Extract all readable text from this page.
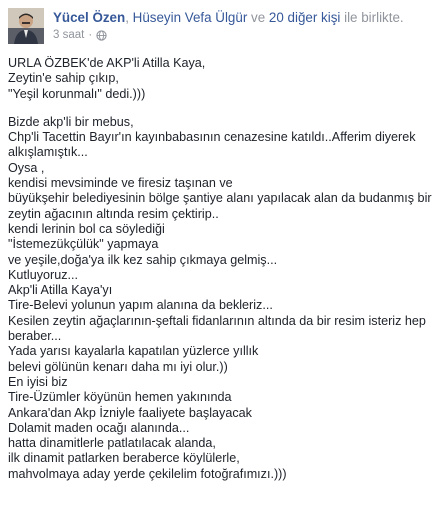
Yücel Özen, Hüseyin Vefa Ülgür ve 20 diğer kişi ile birlikte.
3 saat ·
URLA ÖZBEK'de AKP'li Atilla Kaya,
Zeytin'e sahip çıkıp,
"Yeşil korunmalı" dedi.)))
Bizde akp'li bir mebus,
Chp'li Tacettin Bayır'ın kayınbabasının cenazesine katıldı..Afferim diyerek
alkışlamıştık...
Oysa ,
kendisi mevsiminde ve firesiz taşınan ve
büyükşehir belediyesinin bölge şantiye alanı yapılacak alan da budanmış bir
zeytin ağacının altında resim çektirip..
kendi lerinin bol ca söylediği
"İstemezükçülük" yapmaya
ve yeşile,doğa'ya ilk kez sahip çıkmaya gelmiş...
Kutluyoruz...
Akp'li Atilla Kaya'yı
Tire-Belevi yolunun yapım alanına da bekleriz...
Kesilen zeytin ağaçlarının-şeftali fidanlarının altında da bir resim isteriz hep
beraber...
Yada yarısı kayalarla kapatılan yüzlerce yıllık
belevi gölünün kenarı daha mı iyi olur.))
En iyisi biz
Tire-Üzümler köyünün hemen yakınında
Ankara'dan Akp İzniyle faaliyete başlayacak
Dolamit maden ocağı alanında...
hatta dinamitlerle patlatılacak alanda,
ilk dinamit patlarken beraberce köylülerle,
mahvolmaya aday yerde çekilelim fotoğrafımızı.)))
